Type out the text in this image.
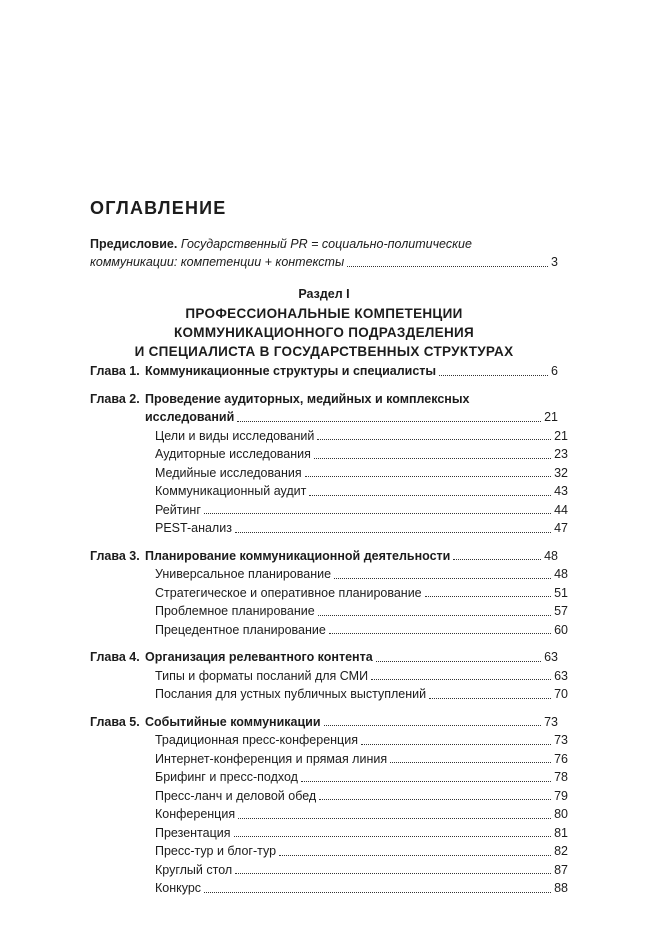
ОГЛАВЛЕНИЕ
Предисловие. Государственный PR = социально-политические
коммуникации: компетенции + контексты	3
Раздел I
ПРОФЕССИОНАЛЬНЫЕ КОМПЕТЕНЦИИ
КОММУНИКАЦИОННОГО ПОДРАЗДЕЛЕНИЯ
И СПЕЦИАЛИСТА В ГОСУДАРСТВЕННЫХ СТРУКТУРАХ
Глава 1. Коммуникационные структуры и специалисты	6
Глава 2. Проведение аудиторных, медийных и комплексных
исследований	21
Цели и виды исследований	21
Аудиторные исследования	23
Медийные исследования	32
Коммуникационный аудит	43
Рейтинг	44
PEST-анализ	47
Глава 3. Планирование коммуникационной деятельности	48
Универсальное планирование	48
Стратегическое и оперативное планирование	51
Проблемное планирование	57
Прецедентное планирование	60
Глава 4. Организация релевантного контента	63
Типы и форматы посланий для СМИ	63
Послания для устных публичных выступлений	70
Глава 5. Событийные коммуникации	73
Традиционная пресс-конференция	73
Интернет-конференция и прямая линия	76
Брифинг и пресс-подход	78
Пресс-ланч и деловой обед	79
Конференция	80
Презентация	81
Пресс-тур и блог-тур	82
Круглый стол	87
Конкурс	88
